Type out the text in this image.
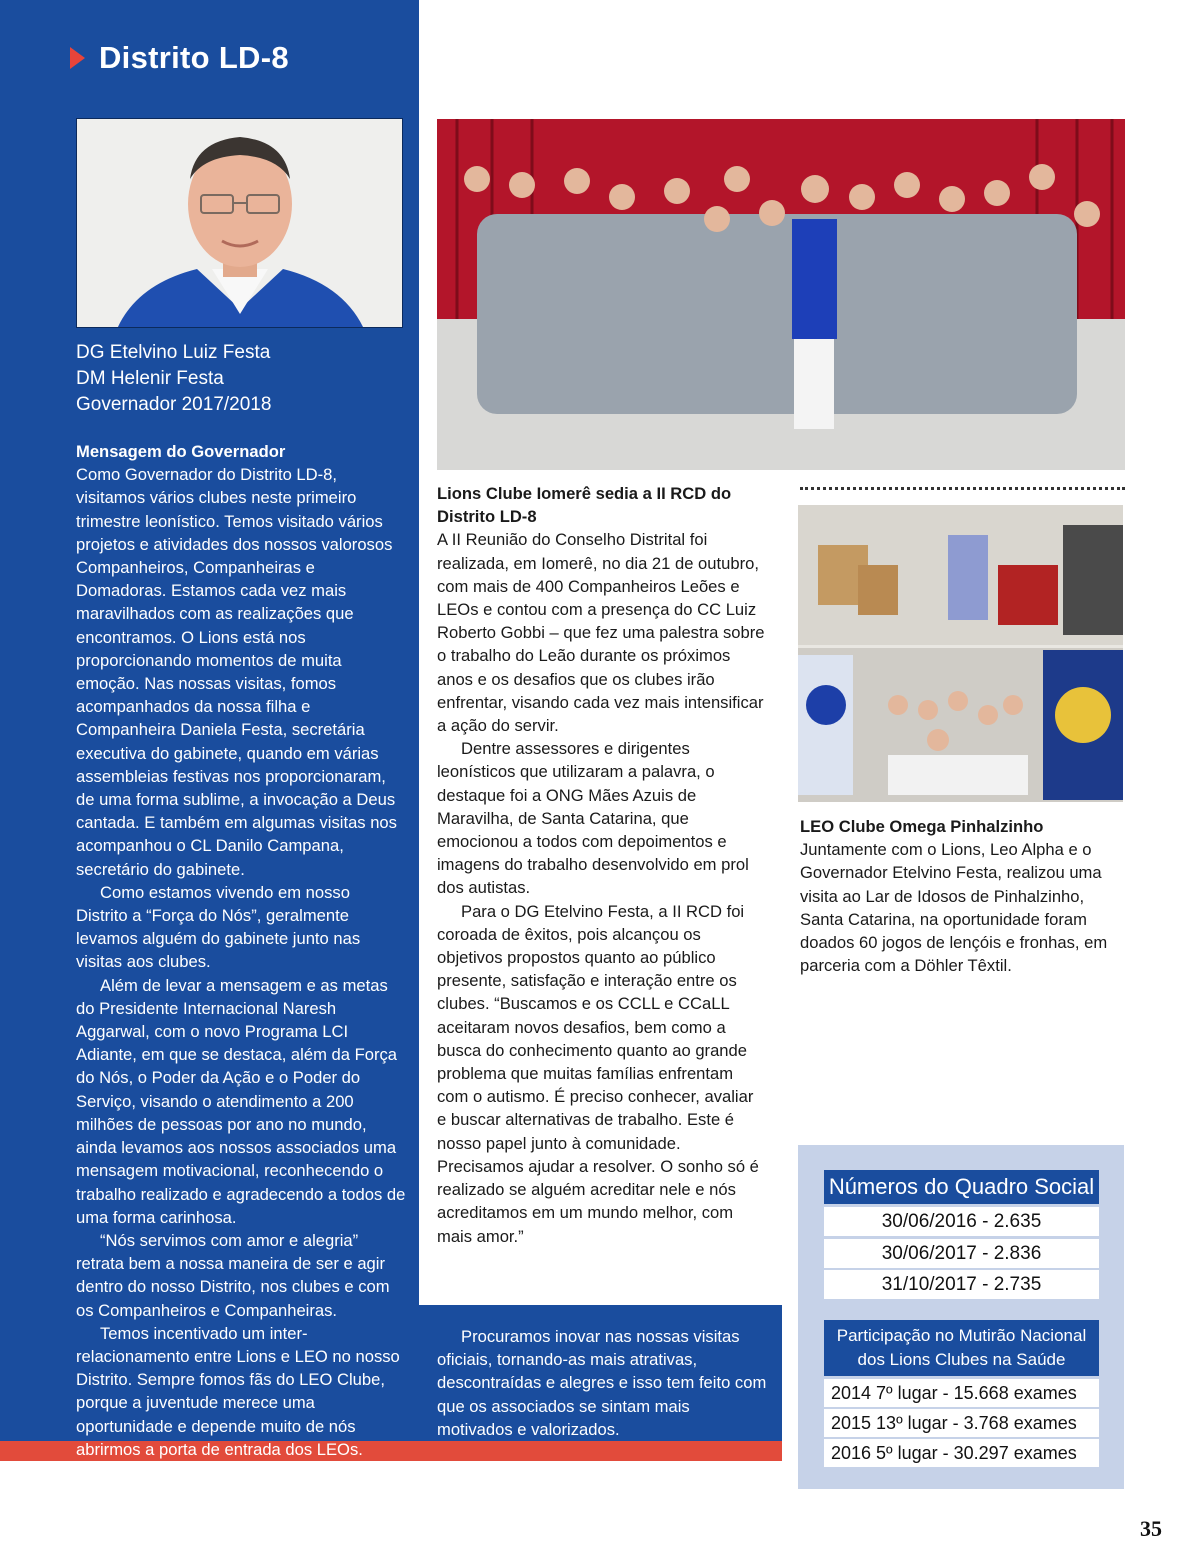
Distrito LD-8
DG Etelvino Luiz Festa
DM Helenir Festa
Governador 2017/2018
Mensagem do Governador

Como Governador do Distrito LD-8, visitamos vários clubes neste primeiro trimestre leonístico. Temos visitado vários projetos e atividades dos nossos valorosos Companheiros, Companheiras e Domadoras. Estamos cada vez mais maravilhados com as realizações que encontramos. O Lions está nos proporcionando momentos de muita emoção. Nas nossas visitas, fomos acompanhados da nossa filha e Companheira Daniela Festa, secretária executiva do gabinete, quando em várias assembleias festivas nos proporcionaram, de uma forma sublime, a invocação a Deus cantada. E também em algumas visitas nos acompanhou o CL Danilo Campana, secretário do gabinete.

Como estamos vivendo em nosso Distrito a “Força do Nós”, geralmente levamos alguém do gabinete junto nas visitas aos clubes.

Além de levar a mensagem e as metas do Presidente Internacional Naresh Aggarwal, com o novo Programa LCI Adiante, em que se destaca, além da Força do Nós, o Poder da Ação e o Poder do Serviço, visando o atendimento a 200 milhões de pessoas por ano no mundo, ainda levamos aos nossos associados uma mensagem motivacional, reconhecendo o trabalho realizado e agradecendo a todos de uma forma carinhosa.

“Nós servimos com amor e alegria” retrata bem a nossa maneira de ser e agir dentro do nosso Distrito, nos clubes e com os Companheiros e Companheiras.

Temos incentivado um inter-relacionamento entre Lions e LEO no nosso Distrito. Sempre fomos fãs do LEO Clube, porque a juventude merece uma oportunidade e depende muito de nós abrirmos a porta de entrada dos LEOs.

Lions Clube Iomerê sedia a II RCD do Distrito LD-8

A II Reunião do Conselho Distrital foi realizada, em Iomerê, no dia 21 de outubro, com mais de 400 Companheiros Leões e LEOs e contou com a presença do CC Luiz Roberto Gobbi – que fez uma palestra sobre o trabalho do Leão durante os próximos anos e os desafios que os clubes irão enfrentar, visando cada vez mais intensificar a ação do servir.

Dentre assessores e dirigentes leonísticos que utilizaram a palavra, o destaque foi a ONG Mães Azuis de Maravilha, de Santa Catarina, que emocionou a todos com depoimentos e imagens do trabalho desenvolvido em prol dos autistas.

Para o DG Etelvino Festa, a II RCD foi coroada de êxitos, pois alcançou os objetivos propostos quanto ao público presente, satisfação e interação entre os clubes. “Buscamos e os CCLL e CCaLL aceitaram novos desafios, bem como a busca do conhecimento quanto ao grande problema que muitas famílias enfrentam com o autismo. É preciso conhecer, avaliar e buscar alternativas de trabalho. Este é nosso papel junto à comunidade. Precisamos ajudar a resolver. O sonho só é realizado se alguém acreditar nele e nós acreditamos em um mundo melhor, com mais amor.”

Procuramos inovar nas nossas visitas oficiais, tornando-as mais atrativas, descontraídas e alegres e isso tem feito com que os associados se sintam mais motivados e valorizados.

LEO Clube Omega Pinhalzinho

Juntamente com o Lions, Leo Alpha e o Governador Etelvino Festa, realizou uma visita ao Lar de Idosos de Pinhalzinho, Santa Catarina, na oportunidade foram doados 60 jogos de lençóis e fronhas, em parceria com a Döhler Têxtil.

Números do Quadro Social
30/06/2016 - 2.635
30/06/2017 - 2.836
31/10/2017 - 2.735
Participação no Mutirão Nacional
dos Lions Clubes na Saúde
2014 7º lugar - 15.668 exames
2015 13º lugar - 3.768 exames
2016 5º lugar - 30.297 exames
35
